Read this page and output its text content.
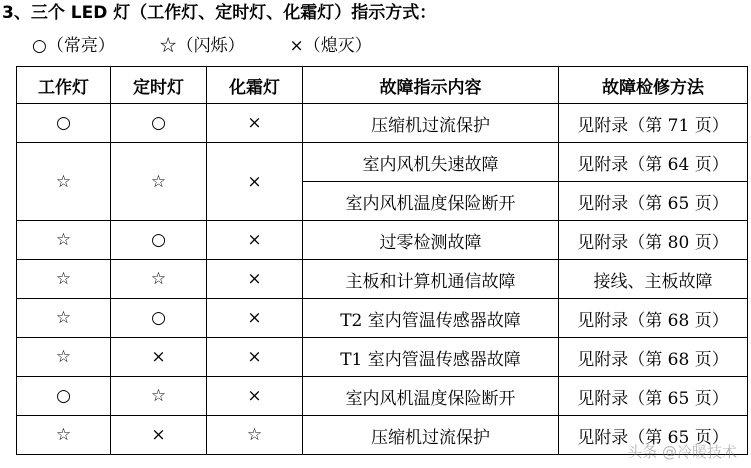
3、三个 LED 灯（工作灯、定时灯、化霜灯）指示方式：
○（常亮）	☆（闪烁）	×（熄灭）
工作灯	定时灯	化霜灯	故障指示内容	故障检修方法
○	○	×	压缩机过流保护	见附录（第 71 页）
☆	☆	×	室内风机失速故障	见附录（第 64 页）
			室内风机温度保险断开	见附录（第 65 页）
☆	○	×	过零检测故障	见附录（第 80 页）
☆	☆	×	主板和计算机通信故障	接线、主板故障
☆	○	×	T2 室内管温传感器故障	见附录（第 68 页）
☆	×	×	T1 室内管温传感器故障	见附录（第 68 页）
○	☆	×	室内风机温度保险断开	见附录（第 65 页）
☆	×	☆	压缩机过流保护	见附录（第 65 页）
头条 @冷暖技术
